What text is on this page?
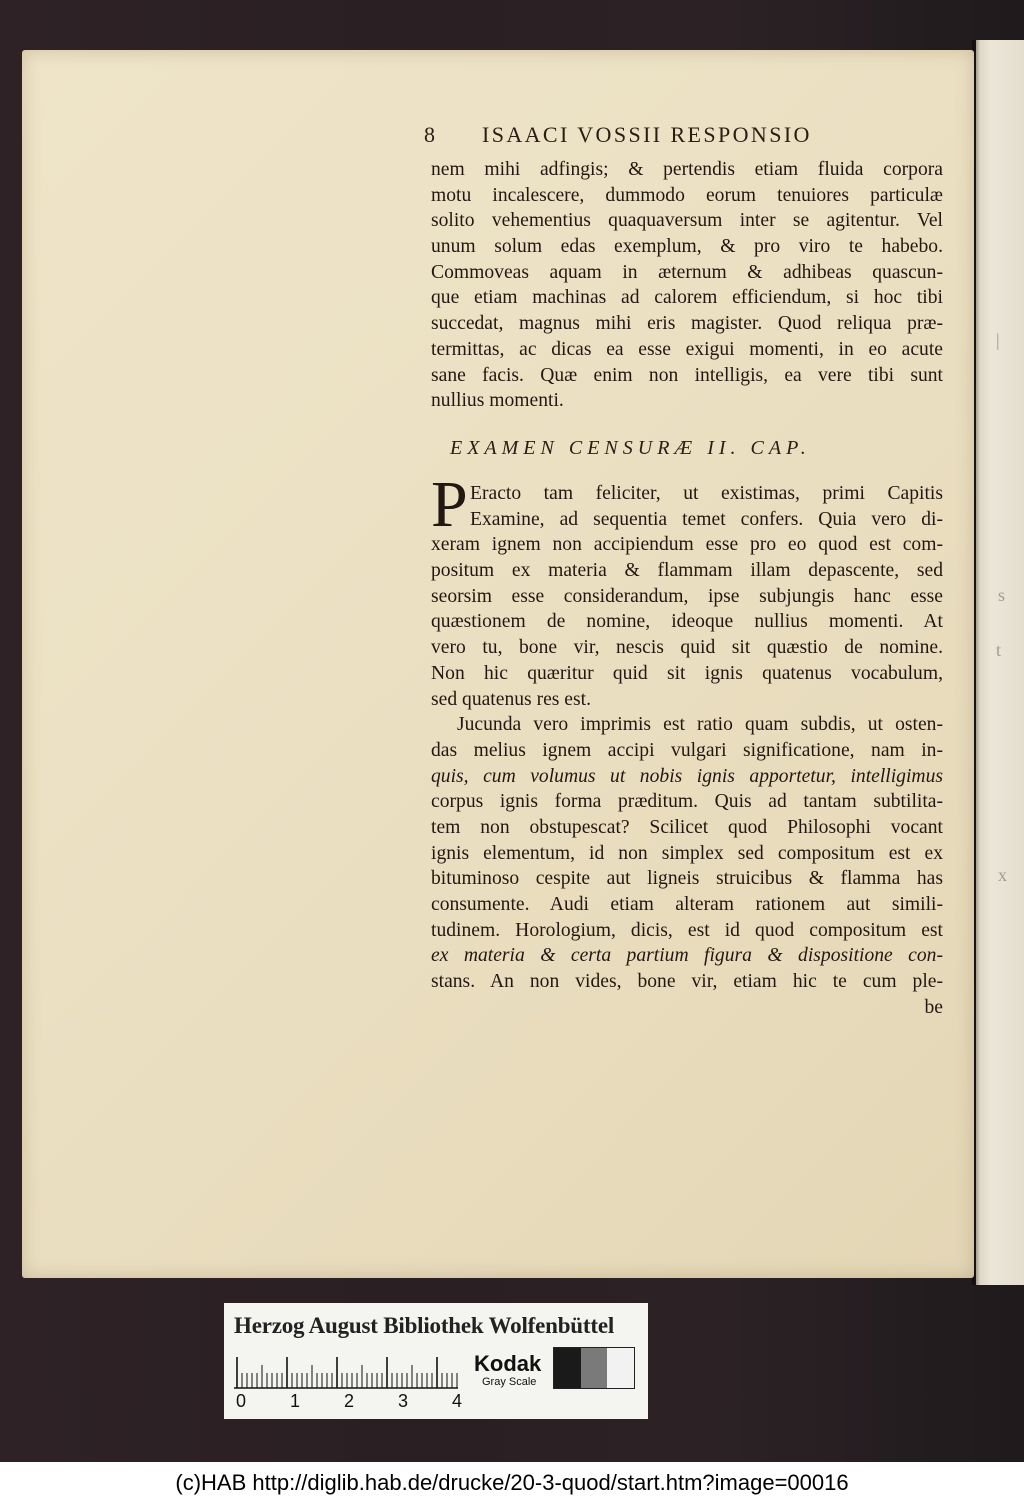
|
s
t
x
8 ISAACI VOSSII RESPONSIO
nem mihi adfingis; & pertendis etiam fluida corpora
motu incalescere, dummodo eorum tenuiores particulæ
solito vehementius quaquaversum inter se agitentur. Vel
unum solum edas exemplum, & pro viro te habebo.
Commoveas aquam in æternum & adhibeas quascun-
que etiam machinas ad calorem efficiendum, si hoc tibi
succedat, magnus mihi eris magister. Quod reliqua præ-
termittas, ac dicas ea esse exigui momenti, in eo acute
sane facis. Quæ enim non intelligis, ea vere tibi sunt
nullius momenti.
EXAMEN CENSURÆ II. CAP.
P Eracto tam feliciter, ut existimas, primi Capitis
Examine, ad sequentia temet confers. Quia vero di-
xeram ignem non accipiendum esse pro eo quod est com-
positum ex materia & flammam illam depascente, sed
seorsim esse considerandum, ipse subjungis hanc esse
quæstionem de nomine, ideoque nullius momenti. At
vero tu, bone vir, nescis quid sit quæstio de nomine.
Non hic quæritur quid sit ignis quatenus vocabulum,
sed quatenus res est.
Jucunda vero imprimis est ratio quam subdis, ut osten-
das melius ignem accipi vulgari significatione, nam in-
quis, cum volumus ut nobis ignis apportetur, intelligimus
corpus ignis forma præditum. Quis ad tantam subtilita-
tem non obstupescat? Scilicet quod Philosophi vocant
ignis elementum, id non simplex sed compositum est ex
bituminoso cespite aut ligneis struicibus & flamma has
consumente. Audi etiam alteram rationem aut simili-
tudinem. Horologium, dicis, est id quod compositum est
ex materia & certa partium figura & dispositione con-
stans. An non vides, bone vir, etiam hic te cum ple-
be
Herzog August Bibliothek Wolfenbüttel
0 1 2 3 4
Kodak
Gray Scale
(c)HAB http://diglib.hab.de/drucke/20-3-quod/start.htm?image=00016
